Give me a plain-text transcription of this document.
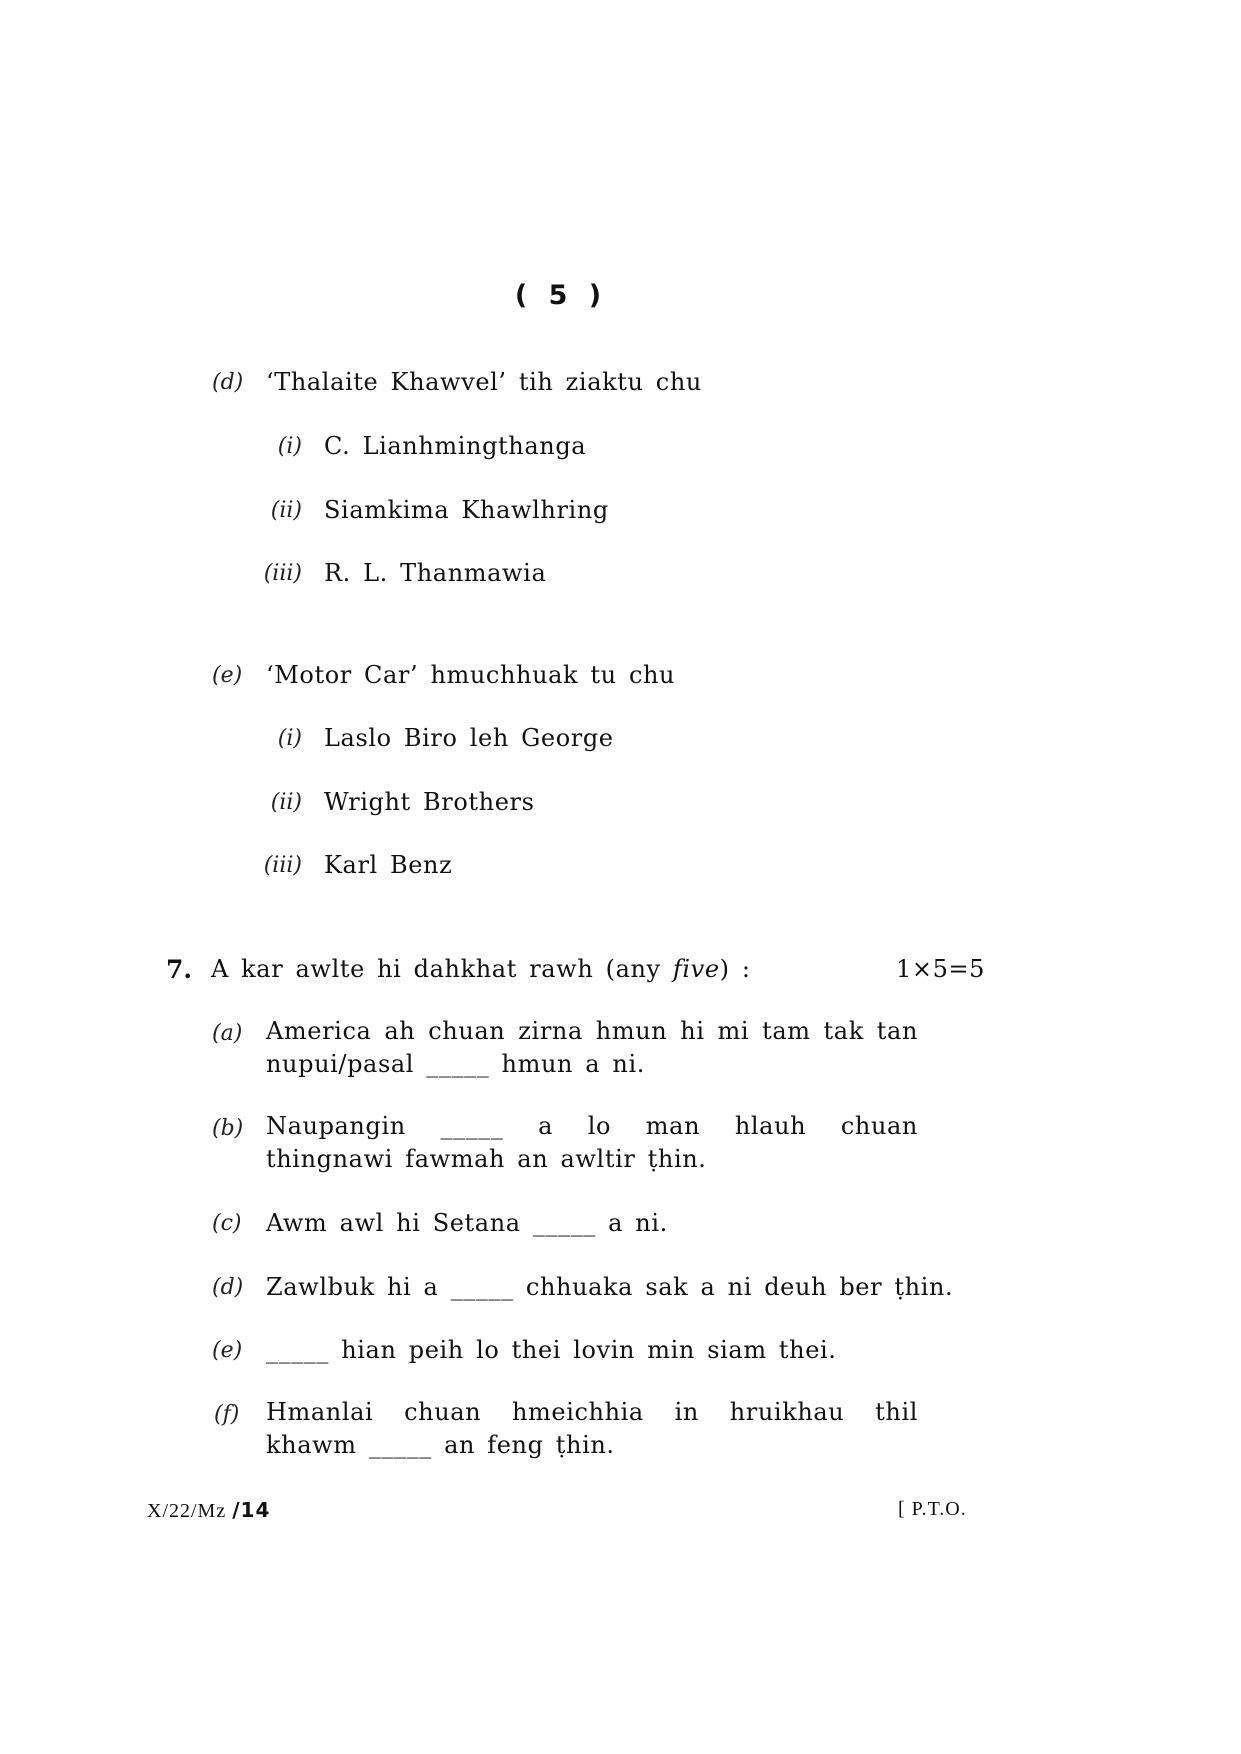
( 5 )
(d) ‘Thalaite Khawvel’ tih ziaktu chu
(i) C. Lianhmingthanga
(ii) Siamkima Khawlhring
(iii) R. L. Thanmawia
(e) ‘Motor Car’ hmuchhuak tu chu
(i) Laslo Biro leh George
(ii) Wright Brothers
(iii) Karl Benz
7. A kar awlte hi dahkhat rawh (any five) :	1×5=5
(a) America ah chuan zirna hmun hi mi tam tak tan nupui/pasal _____ hmun a ni.
(b) Naupangin _____ a lo man hlauh chuan thingnawi fawmah an awltir ṭhin.
(c) Awm awl hi Setana _____ a ni.
(d) Zawlbuk hi a _____ chhuaka sak a ni deuh ber ṭhin.
(e) _____ hian peih lo thei lovin min siam thei.
(f) Hmanlai chuan hmeichhia in hruikhau thil khawm _____ an feng ṭhin.
X/22/Mz /14	[ P.T.O.
